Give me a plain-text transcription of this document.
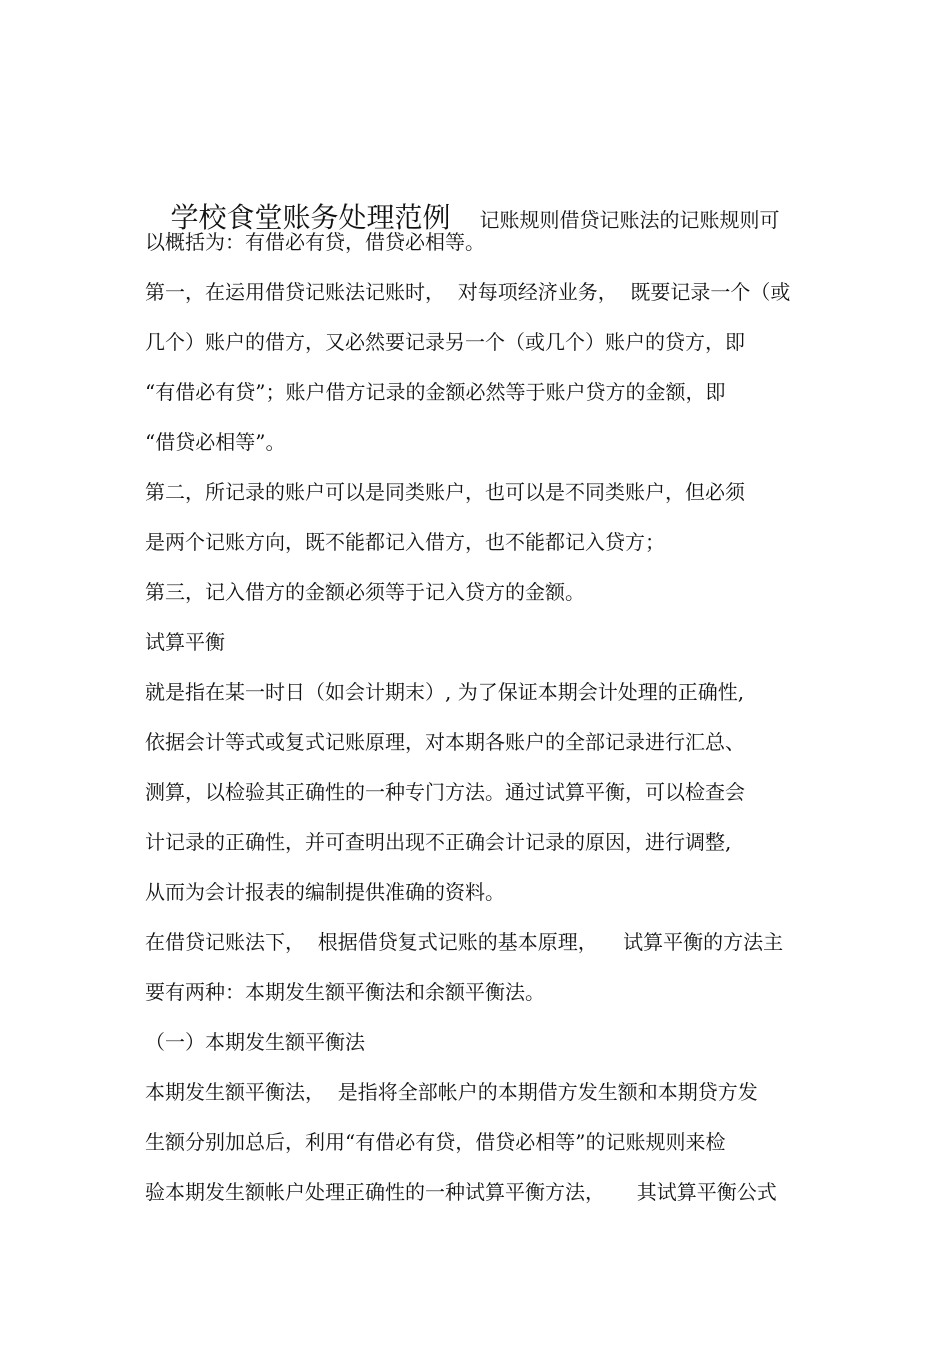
学校食堂账务处理范例   记账规则借贷记账法的记账规则可

以概括为：有借必有贷，借贷必相等。
第一，在运用借贷记账法记账时，  对每项经济业务，  既要记录一个（或
几个）账户的借方，又必然要记录另一个（或几个）账户的贷方，即
“有借必有贷”；账户借方记录的金额必然等于账户贷方的金额，即
“借贷必相等”。
第二，所记录的账户可以是同类账户，也可以是不同类账户，但必须
是两个记账方向，既不能都记入借方，也不能都记入贷方；
第三，记入借方的金额必须等于记入贷方的金额。
试算平衡
就是指在某一时日（如会计期末）, 为了保证本期会计处理的正确性,
依据会计等式或复式记账原理，对本期各账户的全部记录进行汇总、
测算，以检验其正确性的一种专门方法。通过试算平衡，可以检查会
计记录的正确性，并可查明出现不正确会计记录的原因，进行调整,
从而为会计报表的编制提供准确的资料。
在借贷记账法下，  根据借贷复式记账的基本原理，    试算平衡的方法主
要有两种：本期发生额平衡法和余额平衡法。
（一）本期发生额平衡法
本期发生额平衡法，  是指将全部帐户的本期借方发生额和本期贷方发
生额分别加总后，利用“有借必有贷，借贷必相等”的记账规则来检
验本期发生额帐户处理正确性的一种试算平衡方法，     其试算平衡公式
